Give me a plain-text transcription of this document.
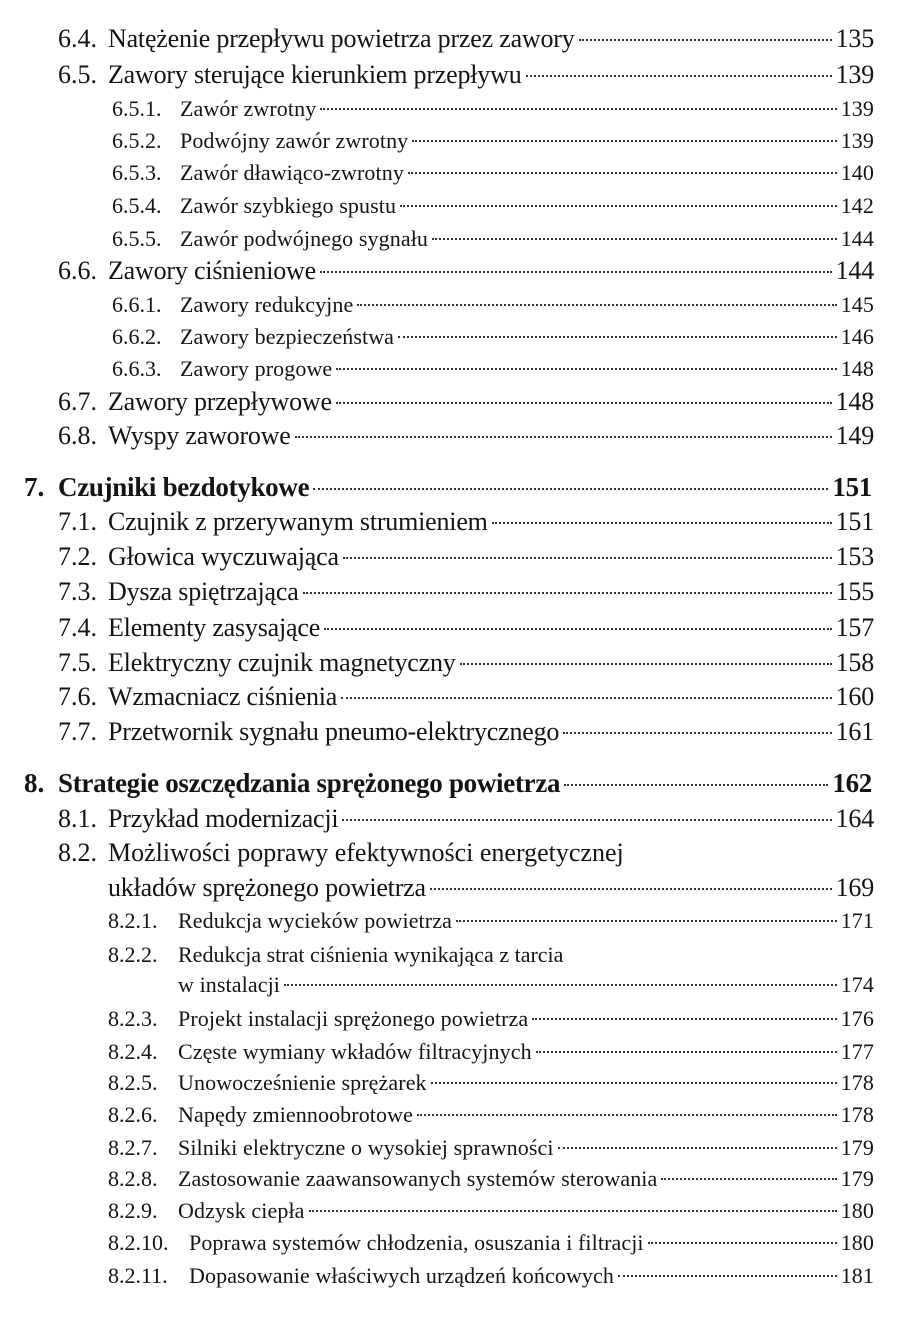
6.4. Natężenie przepływu powietrza przez zawory	135
6.5. Zawory sterujące kierunkiem przepływu	139
6.5.1. Zawór zwrotny	139
6.5.2. Podwójny zawór zwrotny	139
6.5.3. Zawór dławiąco-zwrotny	140
6.5.4. Zawór szybkiego spustu	142
6.5.5. Zawór podwójnego sygnału	144
6.6. Zawory ciśnieniowe	144
6.6.1. Zawory redukcyjne	145
6.6.2. Zawory bezpieczeństwa	146
6.6.3. Zawory progowe	148
6.7. Zawory przepływowe	148
6.8. Wyspy zaworowe	149
7. Czujniki bezdotykowe	151
7.1. Czujnik z przerywanym strumieniem	151
7.2. Głowica wyczuwająca	153
7.3. Dysza spiętrzająca	155
7.4. Elementy zasysające	157
7.5. Elektryczny czujnik magnetyczny	158
7.6. Wzmacniacz ciśnienia	160
7.7. Przetwornik sygnału pneumo-elektrycznego	161
8. Strategie oszczędzania sprężonego powietrza	162
8.1. Przykład modernizacji	164
8.2. Możliwości poprawy efektywności energetycznej
układów sprężonego powietrza	169
8.2.1. Redukcja wycieków powietrza	171
8.2.2. Redukcja strat ciśnienia wynikająca z tarcia
w instalacji	174
8.2.3. Projekt instalacji sprężonego powietrza	176
8.2.4. Częste wymiany wkładów filtracyjnych	177
8.2.5. Unowocześnienie sprężarek	178
8.2.6. Napędy zmiennoobrotowe	178
8.2.7. Silniki elektryczne o wysokiej sprawności	179
8.2.8. Zastosowanie zaawansowanych systemów sterowania	179
8.2.9. Odzysk ciepła	180
8.2.10. Poprawa systemów chłodzenia, osuszania i filtracji	180
8.2.11. Dopasowanie właściwych urządzeń końcowych	181
